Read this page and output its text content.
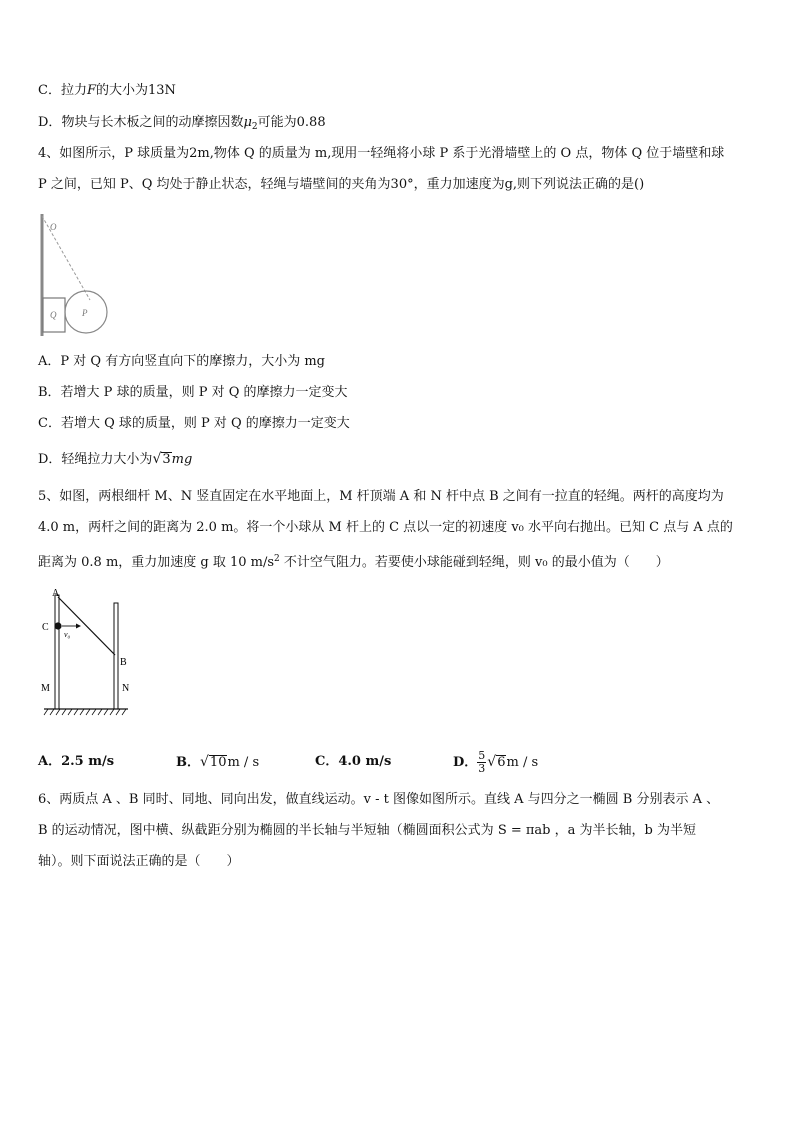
C．拉力F的大小为13N
D．物块与长木板之间的动摩擦因数$\mu_2$可能为0.88
4、如图所示，P 球质量为2m,物体 Q 的质量为 m,现用一轻绳将小球 P 系于光滑墙壁上的 O 点，物体 Q 位于墙壁和球
P 之间，已知 P、Q 均处于静止状态，轻绳与墙壁间的夹角为30°，重力加速度为g,则下列说法正确的是()
O
Q	P
A．P 对 Q 有方向竖直向下的摩擦力，大小为 mg
B．若增大 P 球的质量，则 P 对 Q 的摩擦力一定变大
C．若增大 Q 球的质量，则 P 对 Q 的摩擦力一定变大
D．轻绳拉力大小为√3mg
5、如图，两根细杆 M、N 竖直固定在水平地面上，M 杆顶端 A 和 N 杆中点 B 之间有一拉直的轻绳。两杆的高度均为
4.0 m，两杆之间的距离为 2.0 m。将一个小球从 M 杆上的 C 点以一定的初速度 v₀ 水平向右抛出。已知 C 点与 A 点的
距离为 0.8 m，重力加速度 g 取 10 $m/s^2$ 不计空气阻力。若要使小球能碰到轻绳，则 v₀ 的最小值为（　　）
A
C
v₀
B
M	N
A．2.5 m/s	B．√10m / s	C．4.0 m/s	D． $\frac{5}{3} √6m$ / s
6、两质点 A 、B 同时、同地、同向出发，做直线运动。v - t 图像如图所示。直线 A 与四分之一椭圆 B 分别表示 A 、
B 的运动情况，图中横、纵截距分别为椭圆的半长轴与半短轴（椭圆面积公式为 S = πab ，a 为半长轴，b 为半短
轴）。则下面说法正确的是（　　）
